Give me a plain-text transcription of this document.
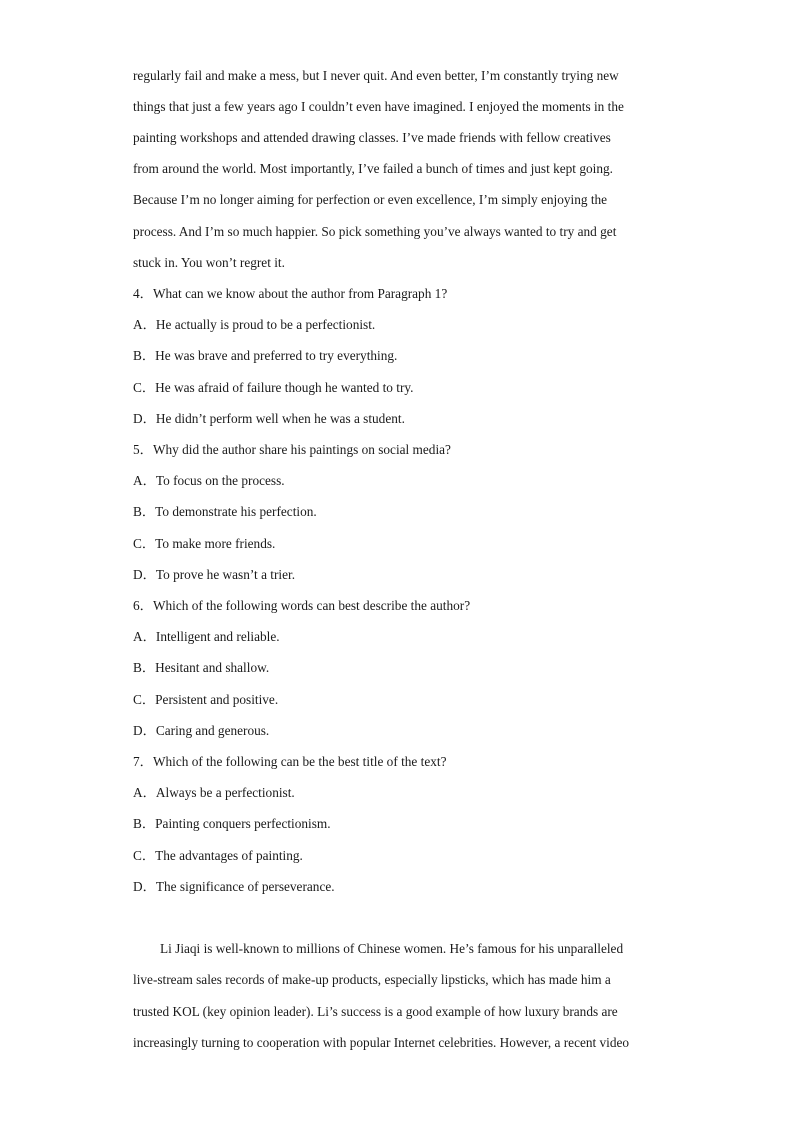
regularly fail and make a mess, but I never quit. And even better, I’m constantly trying new
things that just a few years ago I couldn’t even have imagined. I enjoyed the moments in the
painting workshops and attended drawing classes. I’ve made friends with fellow creatives
from around the world. Most importantly, I’ve failed a bunch of times and just kept going.
Because I’m no longer aiming for perfection or even excellence, I’m simply enjoying the
process. And I’m so much happier. So pick something you’ve always wanted to try and get
stuck in. You won’t regret it.
4．What can we know about the author from Paragraph 1?
A．He actually is proud to be a perfectionist.
B．He was brave and preferred to try everything.
C．He was afraid of failure though he wanted to try.
D．He didn’t perform well when he was a student.
5．Why did the author share his paintings on social media?
A．To focus on the process.
B．To demonstrate his perfection.
C．To make more friends.
D．To prove he wasn’t a trier.
6．Which of the following words can best describe the author?
A．Intelligent and reliable.
B．Hesitant and shallow.
C．Persistent and positive.
D．Caring and generous.
7．Which of the following can be the best title of the text?
A．Always be a perfectionist.
B．Painting conquers perfectionism.
C．The advantages of painting.
D．The significance of perseverance.
Li Jiaqi is well-known to millions of Chinese women. He’s famous for his unparalleled
live-stream sales records of make-up products, especially lipsticks, which has made him a
trusted KOL (key opinion leader). Li’s success is a good example of how luxury brands are
increasingly turning to cooperation with popular Internet celebrities. However, a recent video
